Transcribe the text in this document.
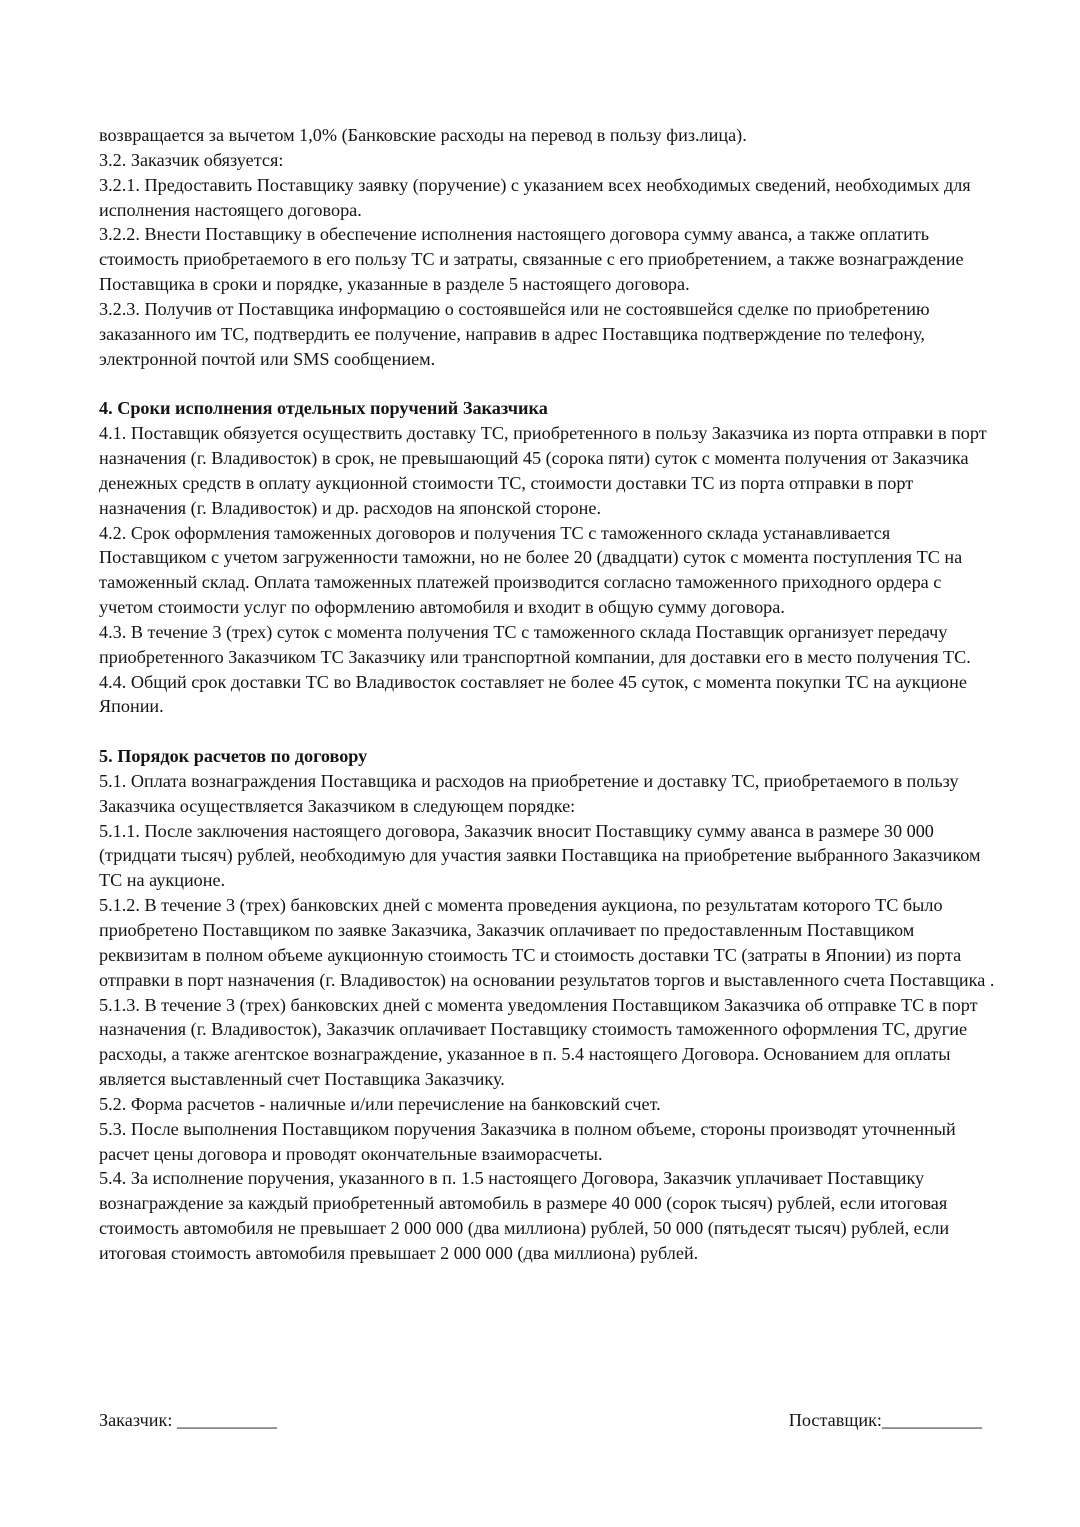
возвращается за вычетом 1,0% (Банковские расходы на перевод в пользу физ.лица).

3.2. Заказчик обязуется:

3.2.1. Предоставить Поставщику заявку (поручение) с указанием всех необходимых сведений, необходимых для исполнения настоящего договора.

3.2.2. Внести Поставщику в обеспечение исполнения настоящего договора сумму аванса, а также оплатить стоимость приобретаемого в его пользу ТС и затраты, связанные с его приобретением, а также вознаграждение Поставщика в сроки и порядке, указанные в разделе 5 настоящего договора.

3.2.3. Получив от Поставщика информацию о состоявшейся или не состоявшейся сделке по приобретению заказанного им ТС, подтвердить ее получение, направив в адрес Поставщика подтверждение по телефону, электронной почтой или SMS сообщением.

4. Сроки исполнения отдельных поручений Заказчика

4.1. Поставщик обязуется осуществить доставку ТС, приобретенного в пользу Заказчика из порта отправки в порт назначения (г. Владивосток) в срок, не превышающий 45 (сорока пяти) суток с момента получения от Заказчика денежных средств в оплату аукционной стоимости ТС, стоимости доставки ТС из порта отправки в порт назначения (г. Владивосток) и др. расходов на японской стороне.

4.2. Срок оформления таможенных договоров и получения ТС с таможенного склада устанавливается Поставщиком с учетом загруженности таможни, но не более 20 (двадцати) суток с момента поступления ТС на таможенный склад. Оплата таможенных платежей производится согласно таможенного приходного ордера с учетом стоимости услуг по оформлению автомобиля и входит в общую сумму договора.

4.3. В течение 3 (трех) суток с момента получения ТС с таможенного склада Поставщик организует передачу приобретенного Заказчиком ТС Заказчику или транспортной компании, для доставки его в место получения ТС.

4.4. Общий срок доставки ТС во Владивосток составляет не более 45 суток, с момента покупки ТС на аукционе Японии.

5. Порядок расчетов по договору

5.1. Оплата вознаграждения Поставщика и расходов на приобретение и доставку ТС, приобретаемого в пользу Заказчика осуществляется Заказчиком в следующем порядке:

5.1.1. После заключения настоящего договора, Заказчик вносит Поставщику сумму аванса в размере 30 000 (тридцати тысяч) рублей, необходимую для участия заявки Поставщика на приобретение выбранного Заказчиком ТС на аукционе.

5.1.2. В течение 3 (трех) банковских дней с момента проведения аукциона, по результатам которого ТС было приобретено Поставщиком по заявке Заказчика, Заказчик оплачивает по предоставленным Поставщиком реквизитам в полном объеме аукционную стоимость ТС и стоимость доставки ТС (затраты в Японии) из порта отправки в порт назначения (г. Владивосток) на основании результатов торгов и выставленного счета Поставщика .

5.1.3. В течение 3 (трех) банковских дней с момента уведомления Поставщиком Заказчика об отправке ТС в порт назначения (г. Владивосток), Заказчик оплачивает Поставщику стоимость таможенного оформления ТС, другие расходы, а также агентское вознаграждение, указанное в п. 5.4 настоящего Договора. Основанием для оплаты является выставленный счет Поставщика Заказчику.

5.2. Форма расчетов - наличные и/или перечисление на банковский счет.

5.3. После выполнения Поставщиком поручения Заказчика в полном объеме, стороны производят уточненный расчет цены договора и проводят окончательные взаиморасчеты.

5.4. За исполнение поручения, указанного в п. 1.5 настоящего Договора, Заказчик уплачивает Поставщику вознаграждение за каждый приобретенный автомобиль в размере 40 000 (сорок тысяч) рублей, если итоговая стоимость автомобиля не превышает 2 000 000 (два миллиона) рублей, 50 000 (пятьдесят тысяч) рублей, если итоговая стоимость автомобиля превышает 2 000 000 (два миллиона) рублей.

Заказчик: ___________	Поставщик:___________
